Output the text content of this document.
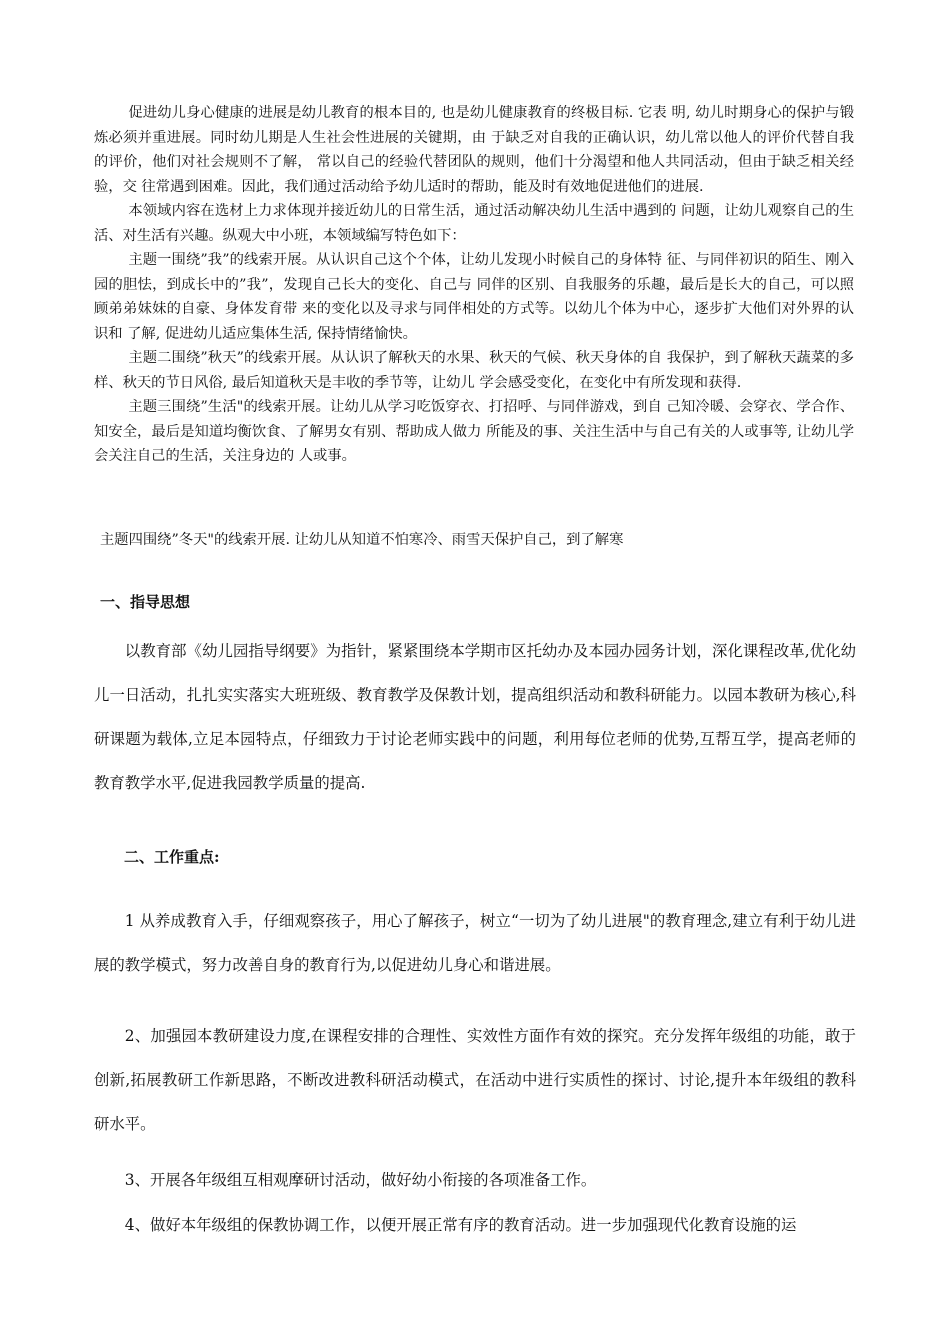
促进幼儿身心健康的进展是幼儿教育的根本目的, 也是幼儿健康教育的终极目标. 它表 明, 幼儿时期身心的保护与锻炼必须并重进展。同时幼儿期是人生社会性进展的关键期，由 于缺乏对自我的正确认识，幼儿常以他人的评价代替自我的评价，他们对社会规则不了解， 常以自己的经验代替团队的规则，他们十分渴望和他人共同活动，但由于缺乏相关经验，交 往常遇到困难。因此，我们通过活动给予幼儿适时的帮助，能及时有效地促进他们的进展.

本领域内容在选材上力求体现并接近幼儿的日常生活，通过活动解决幼儿生活中遇到的 问题，让幼儿观察自己的生活、对生活有兴趣。纵观大中小班，本领域编写特色如下：

主题一围绕”我”的线索开展。从认识自己这个个体，让幼儿发现小时候自己的身体特 征、与同伴初识的陌生、刚入园的胆怯，到成长中的”我”，发现自己长大的变化、自己与 同伴的区别、自我服务的乐趣，最后是长大的自己，可以照顾弟弟妹妹的自豪、身体发育带 来的变化以及寻求与同伴相处的方式等。以幼儿个体为中心，逐步扩大他们对外界的认识和 了解, 促进幼儿适应集体生活, 保持情绪愉快。

主题二围绕”秋天”的线索开展。从认识了解秋天的水果、秋天的气候、秋天身体的自 我保护，到了解秋天蔬菜的多样、秋天的节日风俗, 最后知道秋天是丰收的季节等，让幼儿 学会感受变化，在变化中有所发现和获得.

主题三围绕”生活"的线索开展。让幼儿从学习吃饭穿衣、打招呼、与同伴游戏，到自 己知冷暖、会穿衣、学合作、知安全，最后是知道均衡饮食、了解男女有别、帮助成人做力 所能及的事、关注生活中与自己有关的人或事等, 让幼儿学会关注自己的生活，关注身边的 人或事。

主题四围绕”冬天"的线索开展. 让幼儿从知道不怕寒冷、雨雪天保护自己，到了解寒

一、指导思想

以教育部《幼儿园指导纲要》为指针，紧紧围绕本学期市区托幼办及本园办园务计划，深化课程改革,优化幼儿一日活动，扎扎实实落实大班班级、教育教学及保教计划，提高组织活动和教科研能力。以园本教研为核心,科研课题为载体,立足本园特点，仔细致力于讨论老师实践中的问题，利用每位老师的优势,互帮互学，提高老师的教育教学水平,促进我园教学质量的提高.

二、工作重点:

1 从养成教育入手，仔细观察孩子，用心了解孩子，树立“一切为了幼儿进展"的教育理念,建立有利于幼儿进展的教学模式，努力改善自身的教育行为,以促进幼儿身心和谐进展。

2、加强园本教研建设力度,在课程安排的合理性、实效性方面作有效的探究。充分发挥年级组的功能，敢于创新,拓展教研工作新思路，不断改进教科研活动模式，在活动中进行实质性的探讨、讨论,提升本年级组的教科研水平。

3、开展各年级组互相观摩研讨活动，做好幼小衔接的各项准备工作。

4、做好本年级组的保教协调工作，以便开展正常有序的教育活动。进一步加强现代化教育设施的运
